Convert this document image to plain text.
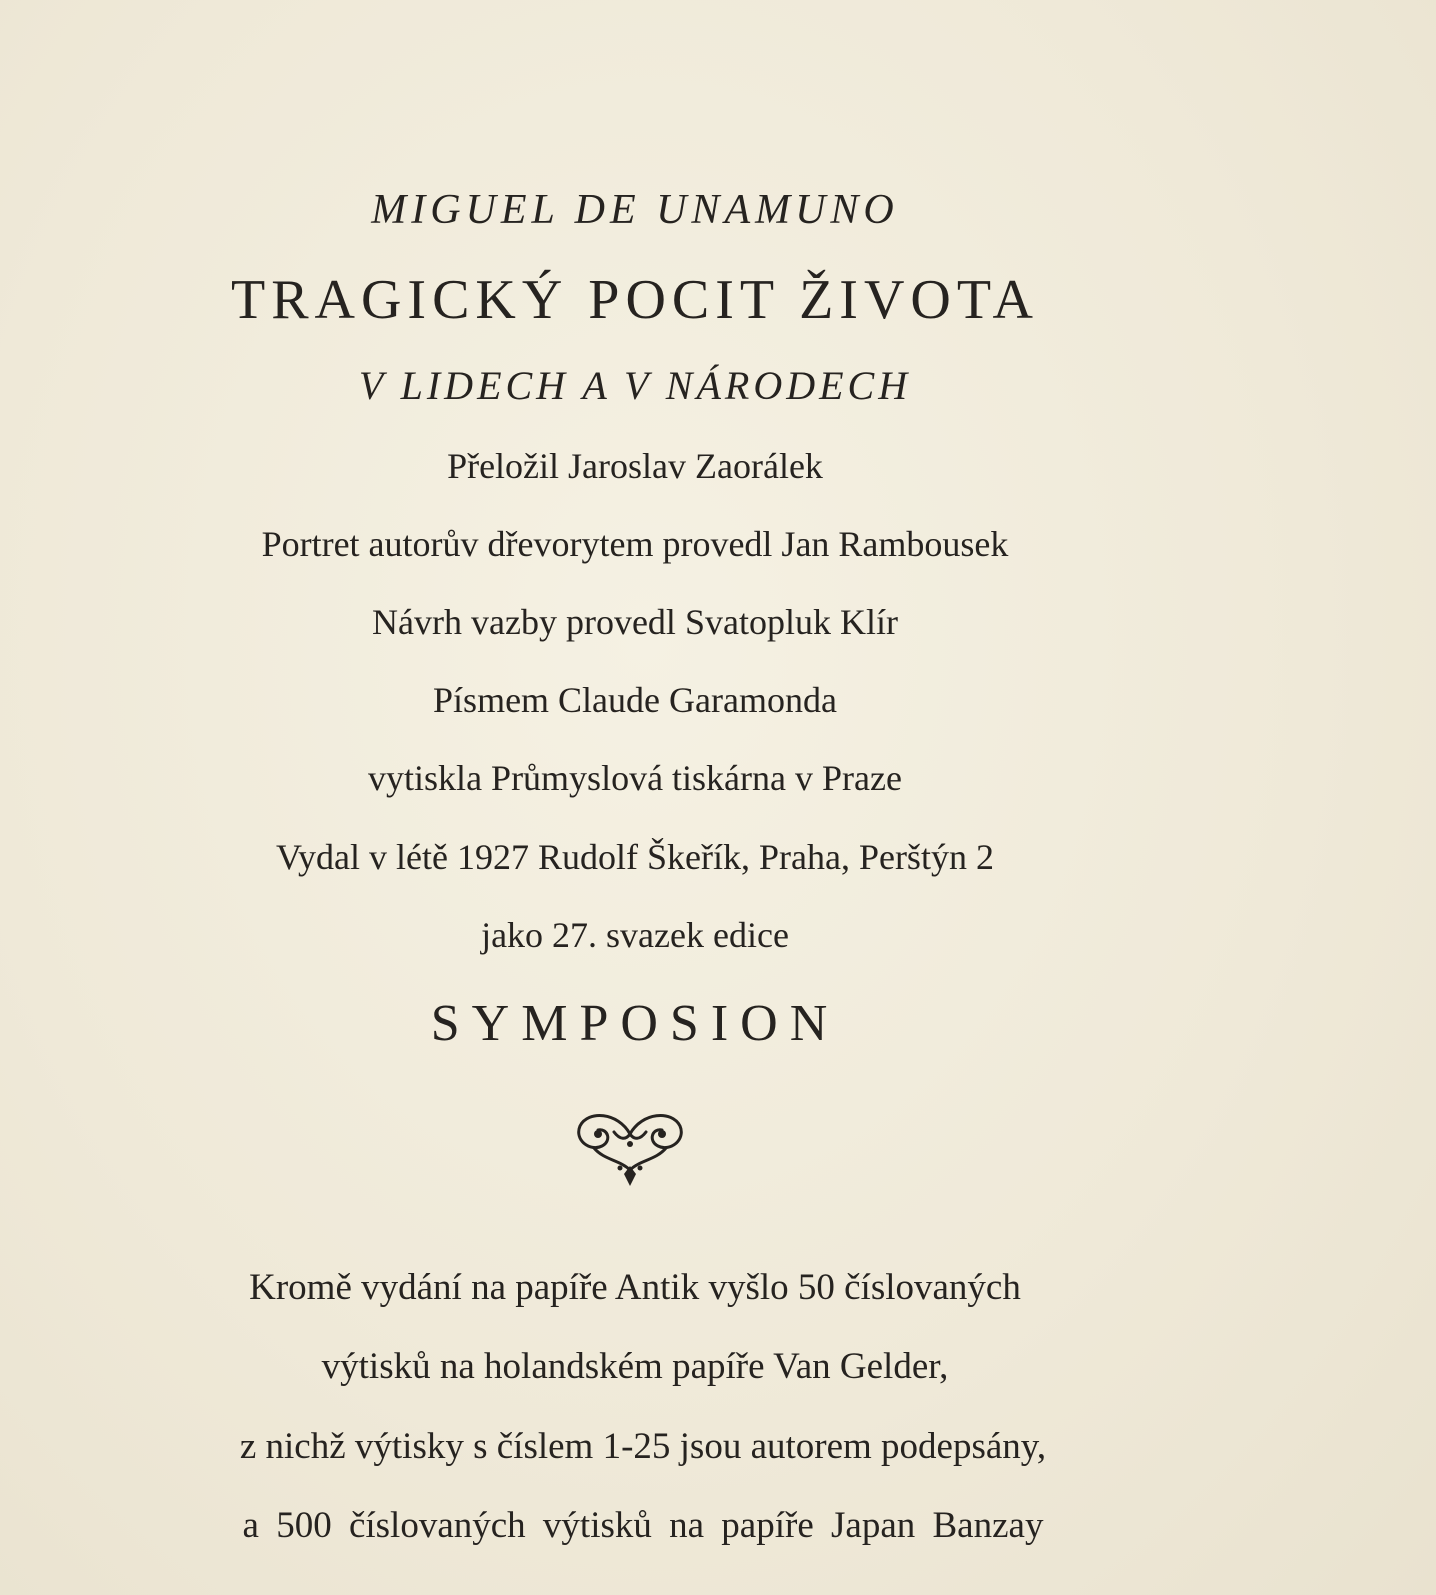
MIGUEL DE UNAMUNO
TRAGICKÝ POCIT ŽIVOTA
V LIDECH A V NÁRODECH
Přeložil Jaroslav Zaorálek
Portret autorův dřevorytem provedl Jan Rambousek
Návrh vazby provedl Svatopluk Klír
Písmem Claude Garamonda
vytiskla Průmyslová tiskárna v Praze
Vydal v létě 1927 Rudolf Škeřík, Praha, Perštýn 2
jako 27. svazek edice
SYMPOSION
Kromě vydání na papíře Antik vyšlo 50 číslovaných
výtisků na holandském papíře Van Gelder,
z nichž výtisky s číslem 1-25 jsou autorem podepsány,
a 500 číslovaných výtisků na papíře Japan Banzay
